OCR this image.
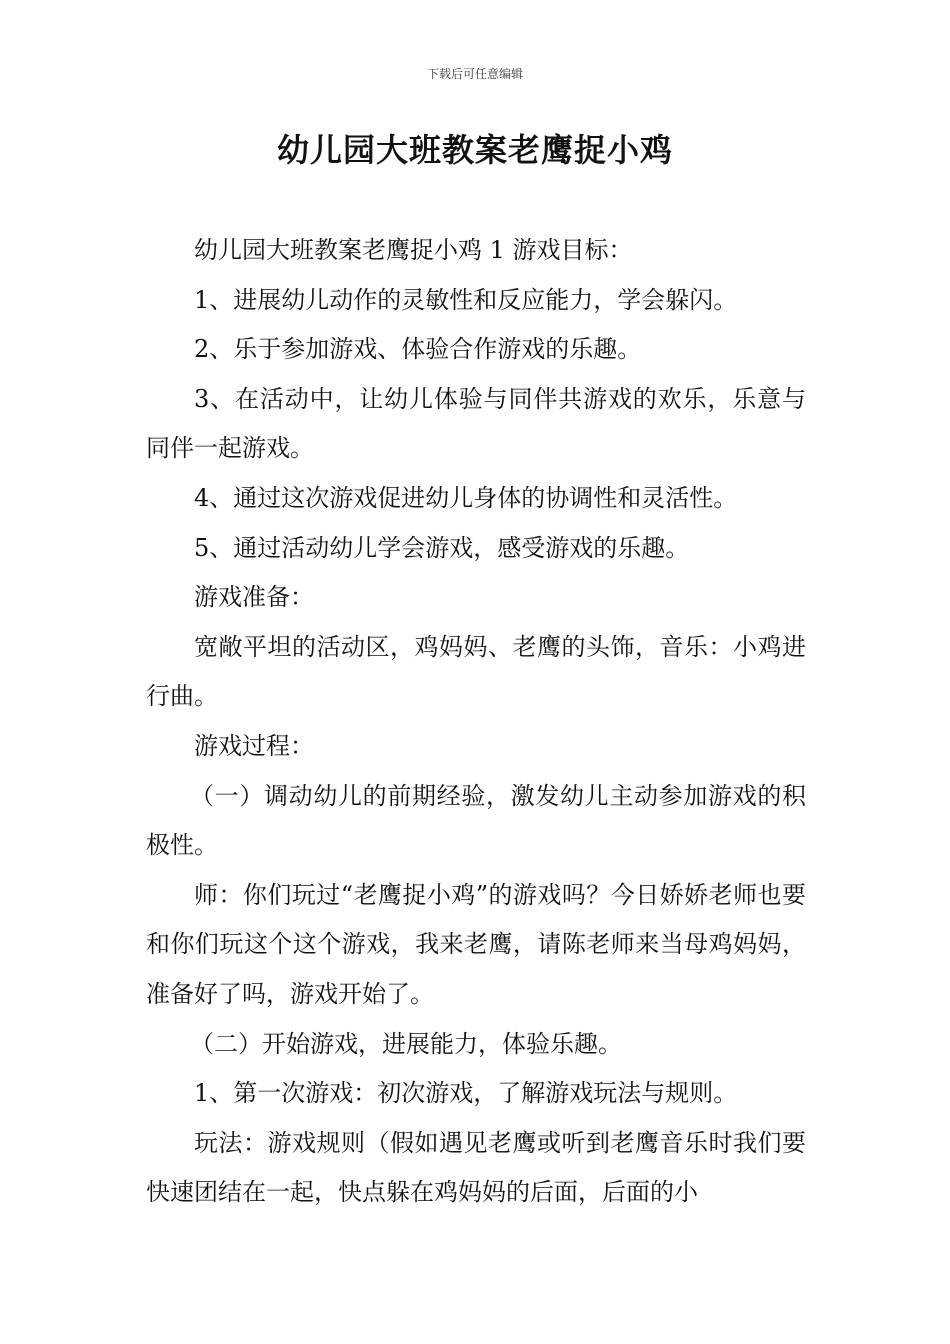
下载后可任意编辑
幼儿园大班教案老鹰捉小鸡

幼儿园大班教案老鹰捉小鸡 1 游戏目标：

1、进展幼儿动作的灵敏性和反应能力，学会躲闪。

2、乐于参加游戏、体验合作游戏的乐趣。

3、在活动中，让幼儿体验与同伴共游戏的欢乐，乐意与同伴一起游戏。

4、通过这次游戏促进幼儿身体的协调性和灵活性。

5、通过活动幼儿学会游戏，感受游戏的乐趣。

游戏准备：

宽敞平坦的活动区，鸡妈妈、老鹰的头饰，音乐：小鸡进行曲。

游戏过程：

（一）调动幼儿的前期经验，激发幼儿主动参加游戏的积极性。

师：你们玩过“老鹰捉小鸡”的游戏吗？今日娇娇老师也要和你们玩这个这个游戏，我来老鹰，请陈老师来当母鸡妈妈，准备好了吗，游戏开始了。

（二）开始游戏，进展能力，体验乐趣。

1、第一次游戏：初次游戏，了解游戏玩法与规则。

玩法：游戏规则（假如遇见老鹰或听到老鹰音乐时我们要快速团结在一起，快点躲在鸡妈妈的后面，后面的小
